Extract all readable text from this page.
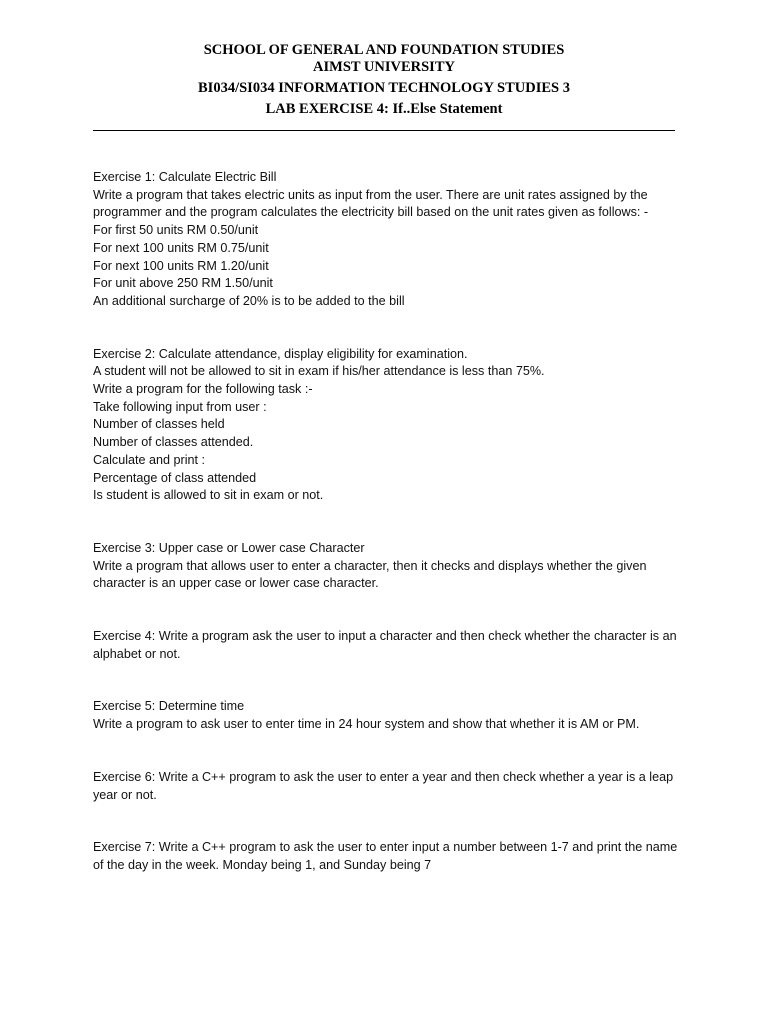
SCHOOL OF GENERAL AND FOUNDATION STUDIES
AIMST UNIVERSITY
BI034/SI034 INFORMATION TECHNOLOGY STUDIES 3
LAB EXERCISE 4: If..Else Statement

Exercise 1: Calculate Electric Bill

Write a program that takes electric units as input from the user. There are unit rates assigned by the programmer and the program calculates the electricity bill based on the unit rates given as follows: -

For first 50 units RM 0.50/unit

For next 100 units RM 0.75/unit

For next 100 units RM 1.20/unit

For unit above 250 RM 1.50/unit

An additional surcharge of 20% is to be added to the bill

Exercise 2: Calculate attendance, display eligibility for examination.

A student will not be allowed to sit in exam if his/her attendance is less than 75%.

Write a program for the following task :-

Take following input from user :

Number of classes held

Number of classes attended.

Calculate and print :

Percentage of class attended

Is student is allowed to sit in exam or not.

Exercise 3: Upper case or Lower case Character

Write a program that allows user to enter a character, then it checks and displays whether the given character is an upper case or lower case character.

Exercise 4: Write a program ask the user to input a character and then check whether the character is an alphabet or not.

Exercise 5: Determine time

Write a program to ask user to enter time in 24 hour system and show that whether it is AM or PM.

Exercise 6: Write a C++ program to ask the user to enter a year and then check whether a year is a leap year or not.

Exercise 7: Write a C++ program to ask the user to enter input a number between 1-7 and print the name of the day in the week. Monday being 1, and Sunday being 7
